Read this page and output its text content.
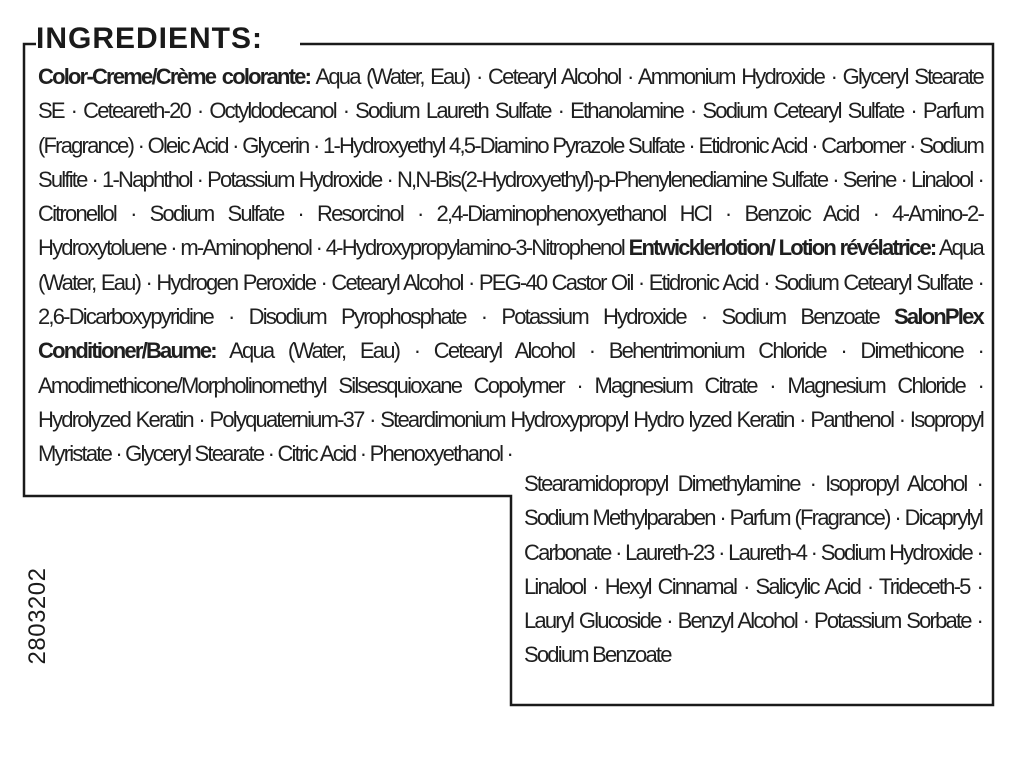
INGREDIENTS:
Color-Creme/Crème colorante: Aqua (Water, Eau) · Cetearyl Alcohol · Ammonium Hydroxide · Glyceryl Stearate SE · Ceteareth-20 · Octyldodecanol · Sodium Laureth Sulfate · Ethanolamine · Sodium Cetearyl Sulfate · Parfum (Fragrance) · Oleic Acid · Glycerin · 1-Hydroxyethyl 4,5-Diamino Pyrazole Sulfate · Etidronic Acid · Carbomer · Sodium Sulfite · 1-Naphthol · Potassium Hydroxide · N,N-Bis(2-Hydroxyethyl)-p-Phenylenediamine Sulfate · Serine · Linalool · Citronellol · Sodium Sulfate · Resorcinol · 2,4-Diaminophenoxyethanol HCl · Benzoic Acid · 4-Amino-2-Hydroxytoluene · m-Aminophenol · 4-Hydroxypropylamino-3-Nitrophenol Entwicklerlotion/ Lotion révélatrice: Aqua (Water, Eau) · Hydrogen Peroxide · Cetearyl Alcohol · PEG-40 Castor Oil · Etidronic Acid · Sodium Cetearyl Sulfate · 2,6-Dicarboxypyridine · Disodium Pyrophosphate · Potassium Hydroxide · Sodium Benzoate SalonPlex Conditioner/Baume: Aqua (Water, Eau) · Cetearyl Alcohol · Behentrimonium Chloride · Dimethicone · Amodimethicone/Morpholinomethyl Silsesquioxane Copolymer · Magnesium Citrate · Magnesium Chloride · Hydrolyzed Keratin · Polyquaternium-37 · Steardimonium Hydroxypropyl Hydro lyzed Keratin · Panthenol · Isopropyl Myristate · Glyceryl Stearate · Citric Acid · Phenoxyethanol ·
Stearamidopropyl Dimethylamine · Isopropyl Alcohol · Sodium Methylparaben · Parfum (Fragrance) · Dicaprylyl Carbonate · Laureth-23 · Laureth-4 · Sodium Hydroxide · Linalool · Hexyl Cinnamal · Salicylic Acid · Trideceth-5 · Lauryl Glucoside · Benzyl Alcohol · Potassium Sorbate · Sodium Benzoate
2803202
